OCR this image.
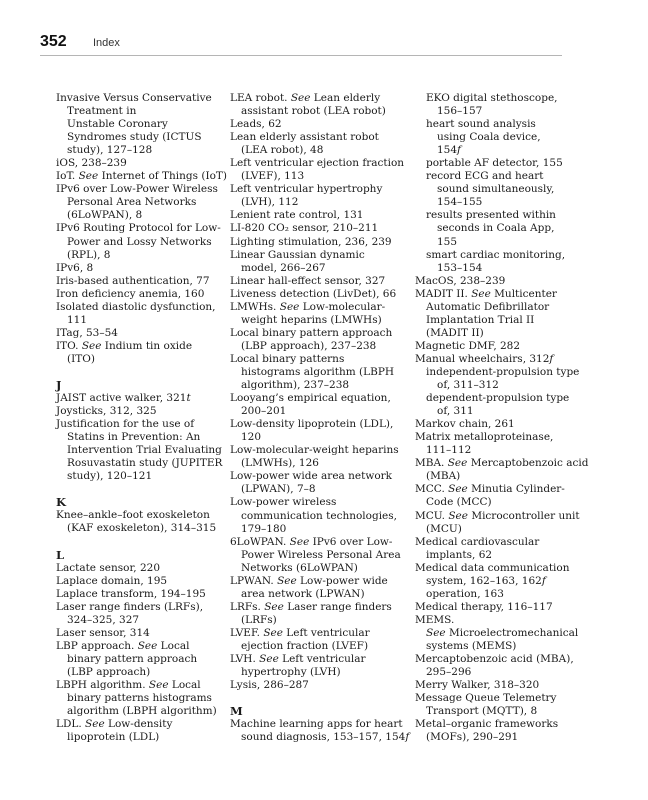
352 Index

Invasive Versus Conservative

Treatment in

Unstable Coronary

Syndromes study (ICTUS

study), 127–128

iOS, 238–239

IoT. See Internet of Things (IoT)

IPv6 over Low-Power Wireless

Personal Area Networks

(6LoWPAN), 8

IPv6 Routing Protocol for Low-

Power and Lossy Networks

(RPL), 8

IPv6, 8

Iris-based authentication, 77

Iron deficiency anemia, 160

Isolated diastolic dysfunction,

111

ITag, 53–54

ITO. See Indium tin oxide

(ITO)

J

JAIST active walker, 321t

Joysticks, 312, 325

Justification for the use of

Statins in Prevention: An

Intervention Trial Evaluating

Rosuvastatin study (JUPITER

study), 120–121

K

Knee–ankle–foot exoskeleton

(KAF exoskeleton), 314–315

L

Lactate sensor, 220

Laplace domain, 195

Laplace transform, 194–195

Laser range finders (LRFs),

324–325, 327

Laser sensor, 314

LBP approach. See Local

binary pattern approach

(LBP approach)

LBPH algorithm. See Local

binary patterns histograms

algorithm (LBPH algorithm)

LDL. See Low-density

lipoprotein (LDL)

LEA robot. See Lean elderly

assistant robot (LEA robot)

Leads, 62

Lean elderly assistant robot

(LEA robot), 48

Left ventricular ejection fraction

(LVEF), 113

Left ventricular hypertrophy

(LVH), 112

Lenient rate control, 131

LI-820 CO₂ sensor, 210–211

Lighting stimulation, 236, 239

Linear Gaussian dynamic

model, 266–267

Linear hall-effect sensor, 327

Liveness detection (LivDet), 66

LMWHs. See Low-molecular-

weight heparins (LMWHs)

Local binary pattern approach

(LBP approach), 237–238

Local binary patterns

histograms algorithm (LBPH

algorithm), 237–238

Looyang’s empirical equation,

200–201

Low-density lipoprotein (LDL),

120

Low-molecular-weight heparins

(LMWHs), 126

Low-power wide area network

(LPWAN), 7–8

Low-power wireless

communication technologies,

179–180

6LoWPAN. See IPv6 over Low-

Power Wireless Personal Area

Networks (6LoWPAN)

LPWAN. See Low-power wide

area network (LPWAN)

LRFs. See Laser range finders

(LRFs)

LVEF. See Left ventricular

ejection fraction (LVEF)

LVH. See Left ventricular

hypertrophy (LVH)

Lysis, 286–287

M

Machine learning apps for heart

sound diagnosis, 153–157, 154f

EKO digital stethoscope,

156–157

heart sound analysis

using Coala device,

154f

portable AF detector, 155

record ECG and heart

sound simultaneously,

154–155

results presented within

seconds in Coala App,

155

smart cardiac monitoring,

153–154

MacOS, 238–239

MADIT II. See Multicenter

Automatic Defibrillator

Implantation Trial II

(MADIT II)

Magnetic DMF, 282

Manual wheelchairs, 312f

independent-propulsion type

of, 311–312

dependent-propulsion type

of, 311

Markov chain, 261

Matrix metalloproteinase,

111–112

MBA. See Mercaptobenzoic acid

(MBA)

MCC. See Minutia Cylinder-

Code (MCC)

MCU. See Microcontroller unit

(MCU)

Medical cardiovascular

implants, 62

Medical data communication

system, 162–163, 162f

operation, 163

Medical therapy, 116–117

MEMS.

See Microelectromechanical

systems (MEMS)

Mercaptobenzoic acid (MBA),

295–296

Merry Walker, 318–320

Message Queue Telemetry

Transport (MQTT), 8

Metal–organic frameworks

(MOFs), 290–291
